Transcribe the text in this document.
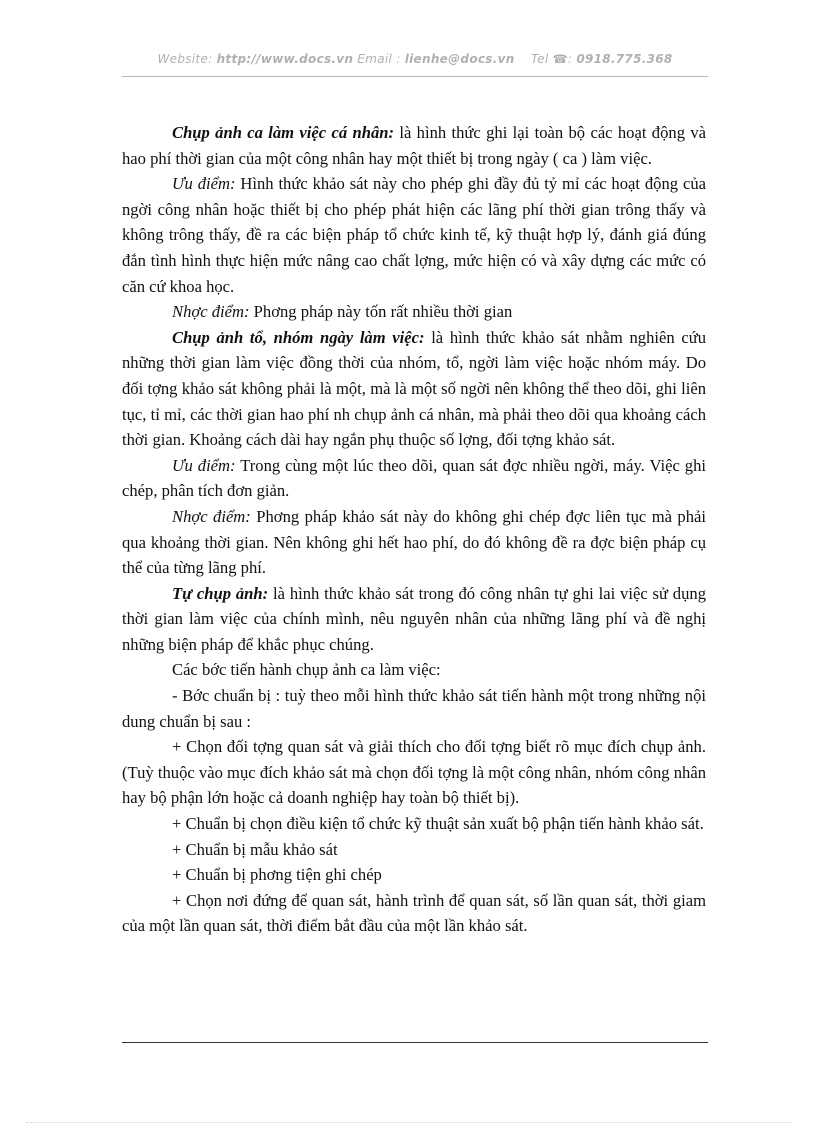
Website: http://www.docs.vn Email : lienhe@docs.vn Tel ☎: 0918.775.368

Chụp ảnh ca làm việc cá nhân: là hình thức ghi lại toàn bộ các hoạt động và hao phí thời gian của một công nhân hay một thiết bị trong ngày ( ca ) làm việc.

Ưu điểm: Hình thức khảo sát này cho phép ghi đầy đủ tỷ mỉ các hoạt động của ngời công nhân hoặc thiết bị cho phép phát hiện các lãng phí thời gian trông thấy và không trông thấy, đề ra các biện pháp tổ chức kinh tế, kỹ thuật hợp lý, đánh giá đúng đắn tình hình thực hiện mức nâng cao chất lợng, mức hiện có và xây dựng các mức có căn cứ khoa học.

Nhợc điểm: Phơng pháp này tốn rất nhiều thời gian

Chụp ảnh tổ, nhóm ngày làm việc: là hình thức khảo sát nhằm nghiên cứu những thời gian làm việc đồng thời của nhóm, tổ, ngời làm việc hoặc nhóm máy. Do đối tợng khảo sát không phải là một, mà là một số ngời nên không thể theo dõi, ghi liên tục, tỉ mỉ, các thời gian hao phí nh chụp ảnh cá nhân, mà phải theo dõi qua khoảng cách thời gian. Khoảng cách dài hay ngắn phụ thuộc số lợng, đối tợng khảo sát.

Ưu điểm: Trong cùng một lúc theo dõi, quan sát đợc nhiều ngời, máy. Việc ghi chép, phân tích đơn giản.

Nhợc điểm: Phơng pháp khảo sát này do không ghi chép đợc liên tục mà phải qua khoảng thời gian. Nên không ghi hết hao phí, do đó không đề ra đợc biện pháp cụ thể của từng lãng phí.

Tự chụp ảnh: là hình thức khảo sát trong đó công nhân tự ghi lai việc sử dụng thời gian làm việc của chính mình, nêu nguyên nhân của những lãng phí và đề nghị những biện pháp để khắc phục chúng.

Các bớc tiến hành chụp ảnh ca làm việc:

- Bớc chuẩn bị : tuỳ theo mỗi hình thức khảo sát tiến hành một trong những nội dung chuẩn bị sau :

+ Chọn đối tợng quan sát và giải thích cho đối tợng biết rõ mục đích chụp ảnh. (Tuỳ thuộc vào mục đích khảo sát mà chọn đối tợng là một công nhân, nhóm công nhân hay bộ phận lớn hoặc cả doanh nghiệp hay toàn bộ thiết bị).

+ Chuẩn bị chọn điều kiện tổ chức kỹ thuật sản xuất bộ phận tiến hành khảo sát.

+ Chuẩn bị mẫu khảo sát

+ Chuẩn bị phơng tiện ghi chép

+ Chọn nơi đứng để quan sát, hành trình để quan sát, số lần quan sát, thời giam của một lần quan sát, thời điểm bắt đầu của một lần khảo sát.
